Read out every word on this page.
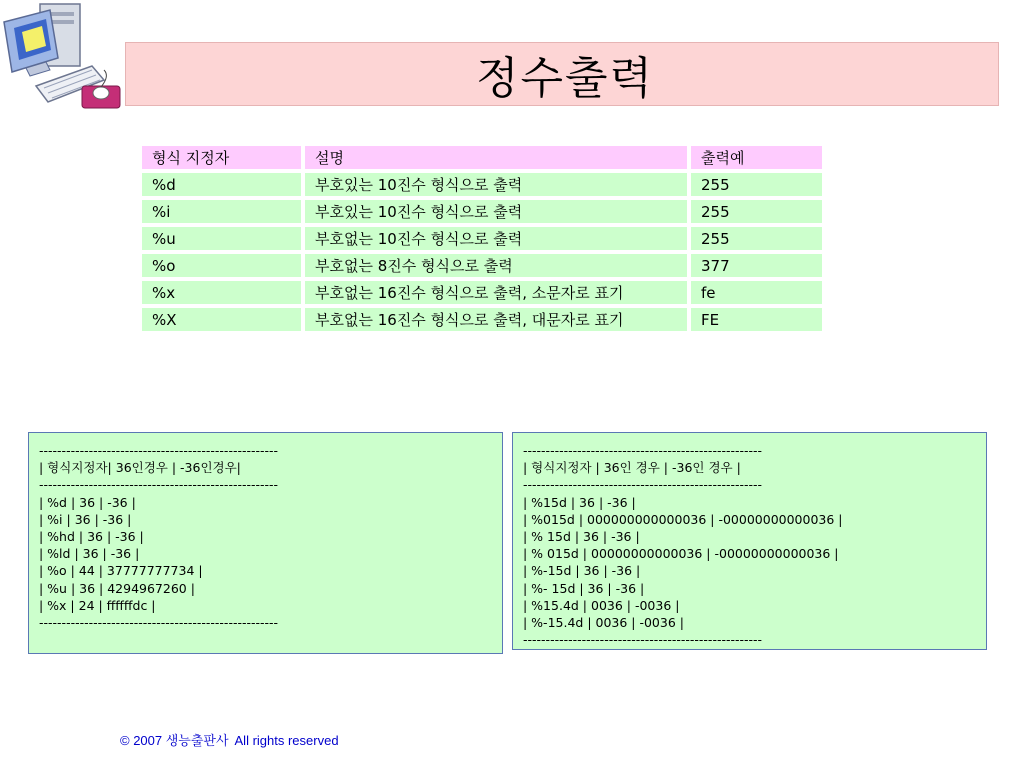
정수출력
형식 지정자	설명	출력예
%d	부호있는 10진수 형식으로 출력	255
%i	부호있는 10진수 형식으로 출력	255
%u	부호없는 10진수 형식으로 출력	255
%o	부호없는 8진수 형식으로 출력	377
%x	부호없는 16진수 형식으로 출력, 소문자로 표기	fe
%X	부호없는 16진수 형식으로 출력, 대문자로 표기	FE
-----------------------------------------------------
| 형식지정자| 36인경우 | -36인경우|
-----------------------------------------------------
| %d | 36 | -36 |
| %i | 36 | -36 |
| %hd | 36 | -36 |
| %ld | 36 | -36 |
| %o | 44 | 37777777734 |
| %u | 36 | 4294967260 |
| %x | 24 | ffffffdc |
-----------------------------------------------------
-----------------------------------------------------
| 형식지정자 | 36인 경우 | -36인 경우 |
-----------------------------------------------------
| %15d | 36 | -36 |
| %015d | 000000000000036 | -00000000000036 |
| % 15d | 36 | -36 |
| % 015d | 00000000000036 | -00000000000036 |
| %-15d | 36 | -36 |
| %- 15d | 36 | -36 |
| %15.4d | 0036 | -0036 |
| %-15.4d | 0036 | -0036 |
-----------------------------------------------------
© 2007 생능출판사 All rights reserved
